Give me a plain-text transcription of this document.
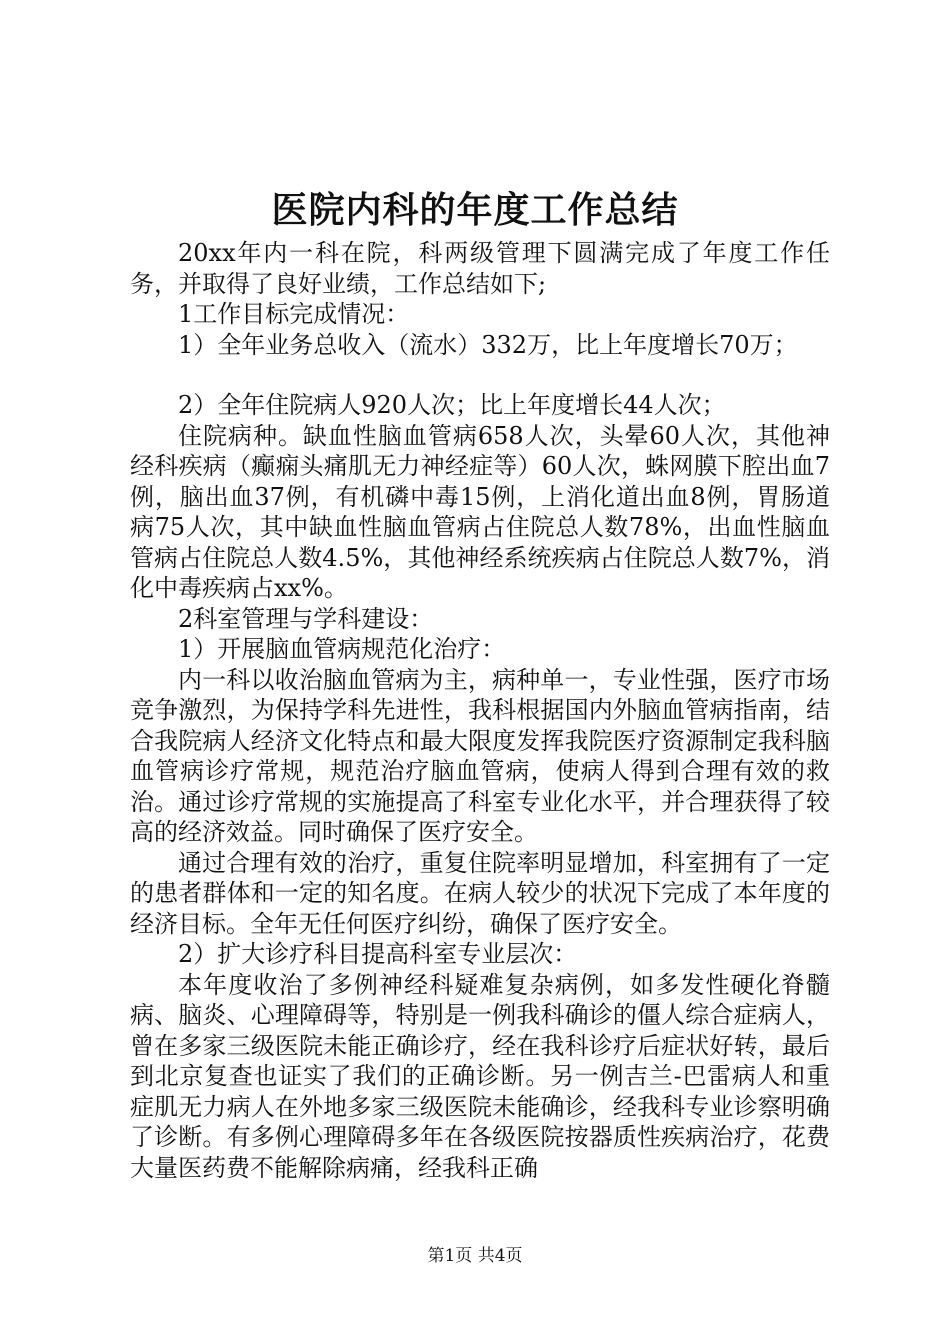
医院内科的年度工作总结

20xx年内一科在院，科两级管理下圆满完成了年度工作任务，并取得了良好业绩，工作总结如下;

1工作目标完成情况：

1）全年业务总收入（流水）332万，比上年度增长70万；

2）全年住院病人920人次；比上年度增长44人次；

住院病种。缺血性脑血管病658人次，头晕60人次，其他神经科疾病（癫痫头痛肌无力神经症等）60人次，蛛网膜下腔出血7例，脑出血37例，有机磷中毒15例，上消化道出血8例，胃肠道病75人次，其中缺血性脑血管病占住院总人数78%，出血性脑血管病占住院总人数4.5%，其他神经系统疾病占住院总人数7%，消化中毒疾病占xx%。

2科室管理与学科建设：

1）开展脑血管病规范化治疗：

内一科以收治脑血管病为主，病种单一，专业性强，医疗市场竞争激烈，为保持学科先进性，我科根据国内外脑血管病指南，结合我院病人经济文化特点和最大限度发挥我院医疗资源制定我科脑血管病诊疗常规，规范治疗脑血管病，使病人得到合理有效的救治。通过诊疗常规的实施提高了科室专业化水平，并合理获得了较高的经济效益。同时确保了医疗安全。

通过合理有效的治疗，重复住院率明显增加，科室拥有了一定的患者群体和一定的知名度。在病人较少的状况下完成了本年度的经济目标。全年无任何医疗纠纷，确保了医疗安全。

2）扩大诊疗科目提高科室专业层次：

本年度收治了多例神经科疑难复杂病例，如多发性硬化脊髓病、脑炎、心理障碍等，特别是一例我科确诊的僵人综合症病人，曾在多家三级医院未能正确诊疗，经在我科诊疗后症状好转，最后到北京复查也证实了我们的正确诊断。另一例吉兰-巴雷病人和重症肌无力病人在外地多家三级医院未能确诊，经我科专业诊察明确了诊断。有多例心理障碍多年在各级医院按器质性疾病治疗，花费大量医药费不能解除病痛，经我科正确

第1页 共4页
